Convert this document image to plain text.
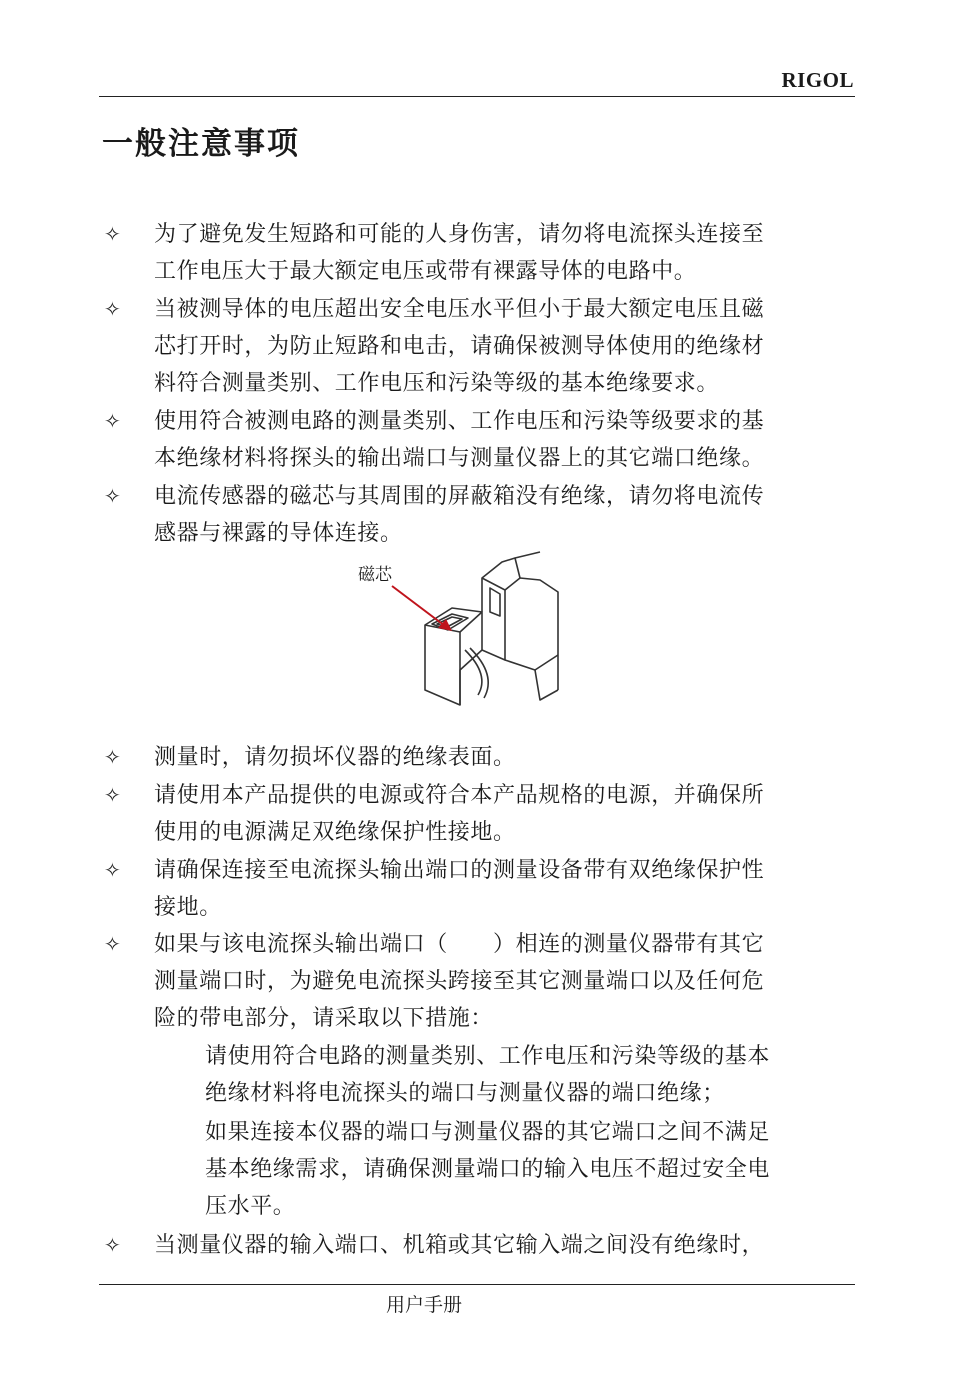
RIGOL
一般注意事项
✧ 为了避免发生短路和可能的人身伤害，请勿将电流探头连接至
工作电压大于最大额定电压或带有裸露导体的电路中。
✧ 当被测导体的电压超出安全电压水平但小于最大额定电压且磁
芯打开时，为防止短路和电击，请确保被测导体使用的绝缘材
料符合测量类别、工作电压和污染等级的基本绝缘要求。
✧ 使用符合被测电路的测量类别、工作电压和污染等级要求的基
本绝缘材料将探头的输出端口与测量仪器上的其它端口绝缘。
✧ 电流传感器的磁芯与其周围的屏蔽箱没有绝缘，请勿将电流传
感器与裸露的导体连接。
磁芯
✧ 测量时，请勿损坏仪器的绝缘表面。
✧ 请使用本产品提供的电源或符合本产品规格的电源，并确保所
使用的电源满足双绝缘保护性接地。
✧ 请确保连接至电流探头输出端口的测量设备带有双绝缘保护性
接地。
✧ 如果与该电流探头输出端口（　　）相连的测量仪器带有其它
测量端口时，为避免电流探头跨接至其它测量端口以及任何危
险的带电部分，请采取以下措施：
请使用符合电路的测量类别、工作电压和污染等级的基本
绝缘材料将电流探头的端口与测量仪器的端口绝缘；
如果连接本仪器的端口与测量仪器的其它端口之间不满足
基本绝缘需求，请确保测量端口的输入电压不超过安全电
压水平。
✧ 当测量仪器的输入端口、机箱或其它输入端之间没有绝缘时，
用户手册
